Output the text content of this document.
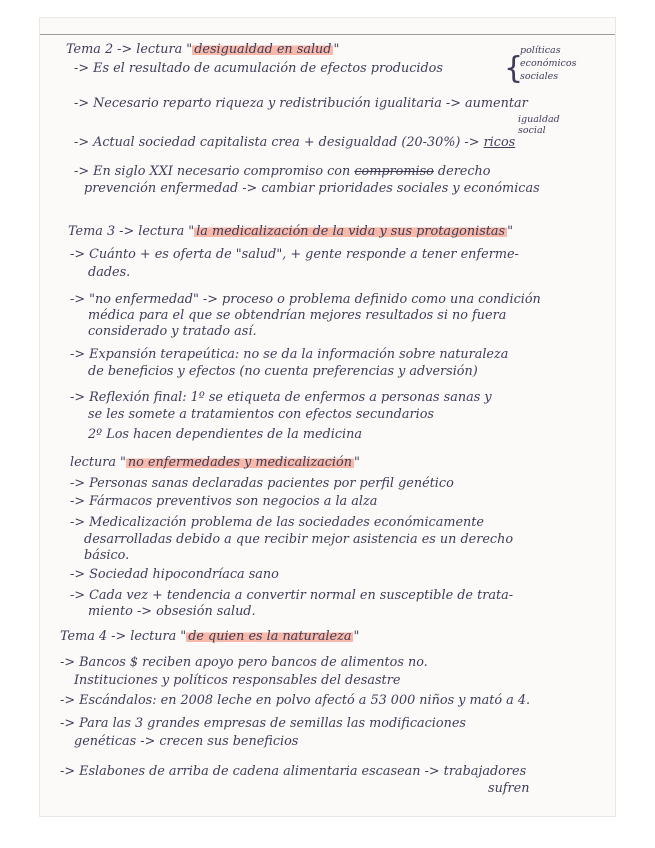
Tema 2 -> lectura " desigualdad en salud "
-> Es el resultado de acumulación de efectos producidos {
políticas
económicos
sociales
-> Necesario reparto riqueza y redistribución igualitaria -> aumentar
igualdad
social
-> Actual sociedad capitalista crea + desigualdad (20-30%) -> ricos
-> En siglo XXI necesario compromiso con compromiso derecho
prevención enfermedad -> cambiar prioridades sociales y económicas
Tema 3 -> lectura " la medicalización de la vida y sus protagonistas "
-> Cuánto + es oferta de "salud", + gente responde a tener enferme-
dades.
-> "no enfermedad" -> proceso o problema definido como una condición
médica para el que se obtendrían mejores resultados si no fuera
considerado y tratado así.
-> Expansión terapeútica: no se da la información sobre naturaleza
de beneficios y efectos (no cuenta preferencias y adversión)
-> Reflexión final: 1º se etiqueta de enfermos a personas sanas y
se les somete a tratamientos con efectos secundarios
2º Los hacen dependientes de la medicina
lectura " no enfermedades y medicalización "
-> Personas sanas declaradas pacientes por perfil genético
-> Fármacos preventivos son negocios a la alza
-> Medicalización problema de las sociedades económicamente
desarrolladas debido a que recibir mejor asistencia es un derecho
básico.
-> Sociedad hipocondríaca sano
-> Cada vez + tendencia a convertir normal en susceptible de trata-
miento -> obsesión salud.
Tema 4 -> lectura " de quien es la naturaleza "
-> Bancos $ reciben apoyo pero bancos de alimentos no.
Instituciones y políticos responsables del desastre
-> Escándalos: en 2008 leche en polvo afectó a 53 000 niños y mató a 4.
-> Para las 3 grandes empresas de semillas las modificaciones
genéticas -> crecen sus beneficios
-> Eslabones de arriba de cadena alimentaria escasean -> trabajadores
sufren
